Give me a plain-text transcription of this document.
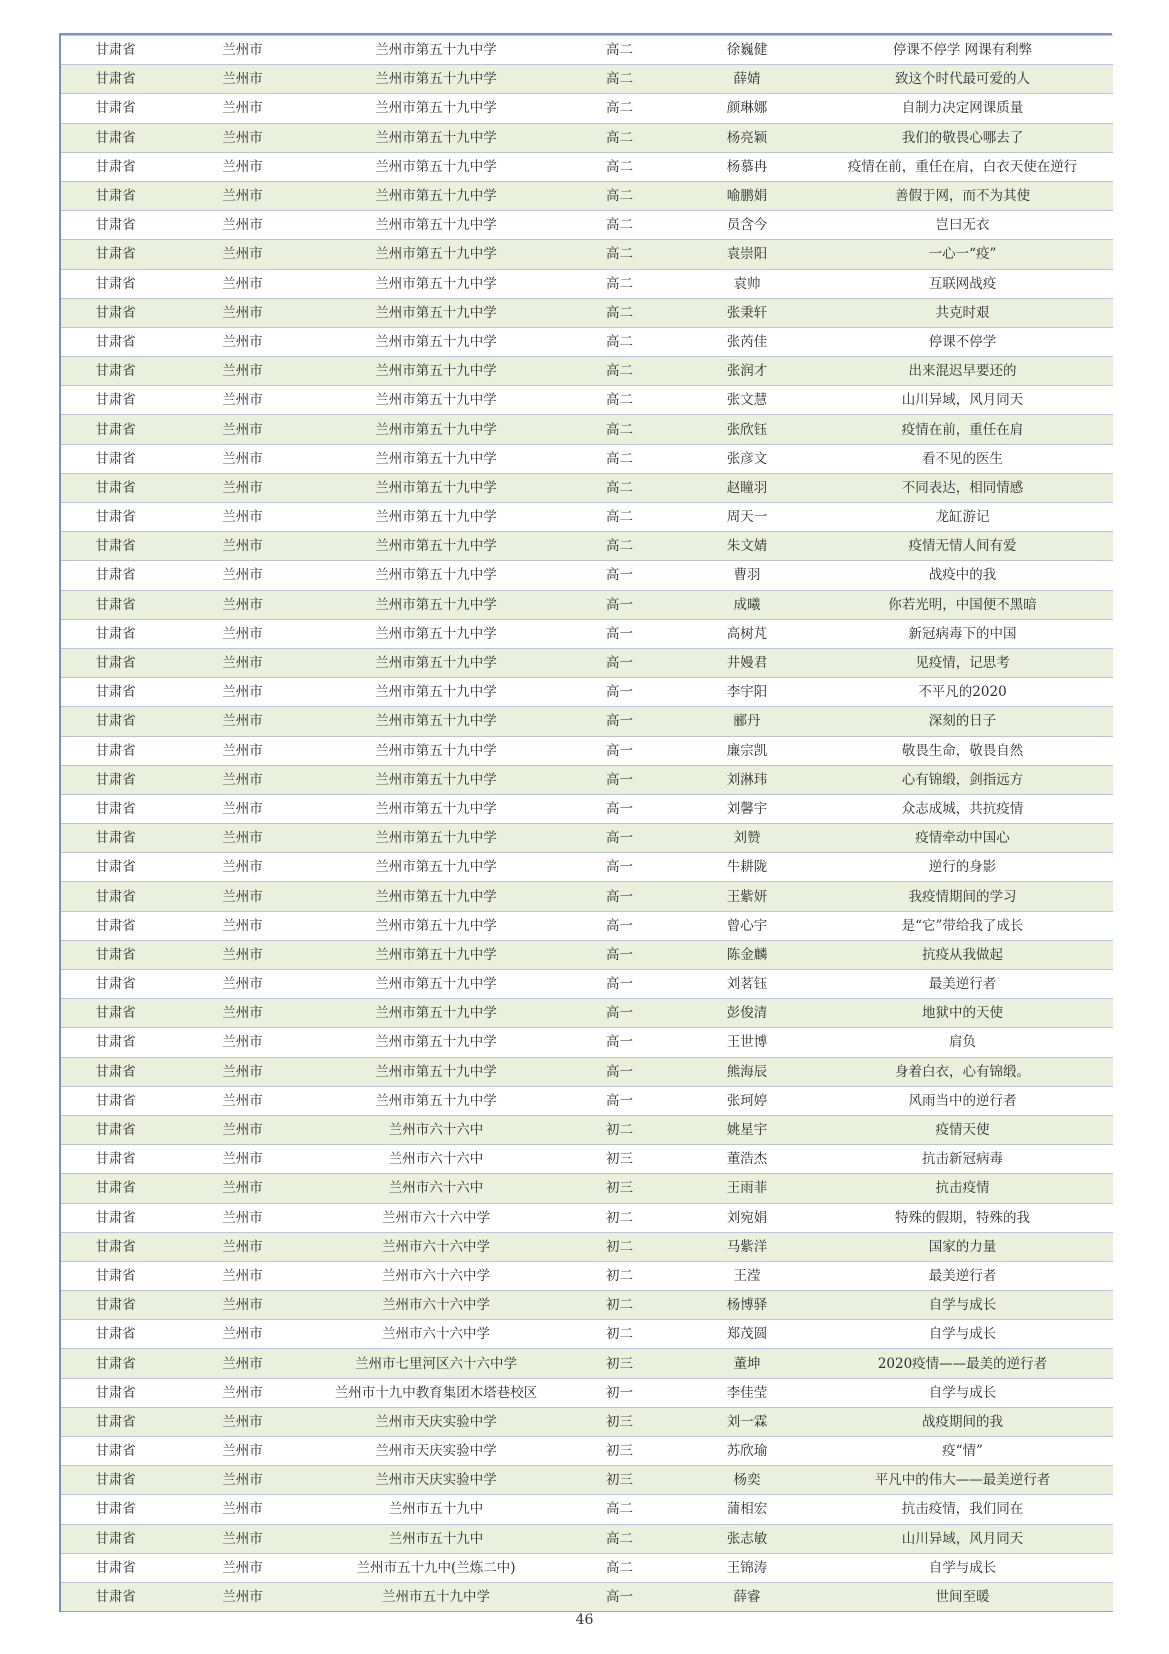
甘肃省	兰州市	兰州市第五十九中学	高二	徐巍健	停课不停学 网课有利弊
甘肃省	兰州市	兰州市第五十九中学	高二	薛婧	致这个时代最可爱的人
甘肃省	兰州市	兰州市第五十九中学	高二	颜琳娜	自制力决定网课质量
甘肃省	兰州市	兰州市第五十九中学	高二	杨亮颖	我们的敬畏心哪去了
甘肃省	兰州市	兰州市第五十九中学	高二	杨慕冉	疫情在前，重任在肩，白衣天使在逆行
甘肃省	兰州市	兰州市第五十九中学	高二	喻鹏娟	善假于网，而不为其使
甘肃省	兰州市	兰州市第五十九中学	高二	员含今	岂曰无衣
甘肃省	兰州市	兰州市第五十九中学	高二	袁崇阳	一心一“疫”
甘肃省	兰州市	兰州市第五十九中学	高二	袁帅	互联网战疫
甘肃省	兰州市	兰州市第五十九中学	高二	张秉轩	共克时艰
甘肃省	兰州市	兰州市第五十九中学	高二	张芮佳	停课不停学
甘肃省	兰州市	兰州市第五十九中学	高二	张润才	出来混迟早要还的
甘肃省	兰州市	兰州市第五十九中学	高二	张文慧	山川异域，风月同天
甘肃省	兰州市	兰州市第五十九中学	高二	张欣钰	疫情在前，重任在肩
甘肃省	兰州市	兰州市第五十九中学	高二	张彦文	看不见的医生
甘肃省	兰州市	兰州市第五十九中学	高二	赵瞳羽	不同表达，相同情感
甘肃省	兰州市	兰州市第五十九中学	高二	周天一	龙缸游记
甘肃省	兰州市	兰州市第五十九中学	高二	朱文婧	疫情无情人间有爱
甘肃省	兰州市	兰州市第五十九中学	高一	曹羽	战疫中的我
甘肃省	兰州市	兰州市第五十九中学	高一	成曦	你若光明，中国便不黑暗
甘肃省	兰州市	兰州市第五十九中学	高一	高树芃	新冠病毒下的中国
甘肃省	兰州市	兰州市第五十九中学	高一	井嫚君	见疫情，记思考
甘肃省	兰州市	兰州市第五十九中学	高一	李宇阳	不平凡的2020
甘肃省	兰州市	兰州市第五十九中学	高一	郦丹	深刻的日子
甘肃省	兰州市	兰州市第五十九中学	高一	廉宗凯	敬畏生命，敬畏自然
甘肃省	兰州市	兰州市第五十九中学	高一	刘淋玮	心有锦缎，剑指远方
甘肃省	兰州市	兰州市第五十九中学	高一	刘馨宇	众志成城，共抗疫情
甘肃省	兰州市	兰州市第五十九中学	高一	刘赞	疫情牵动中国心
甘肃省	兰州市	兰州市第五十九中学	高一	牛耕陇	逆行的身影
甘肃省	兰州市	兰州市第五十九中学	高一	王紫妍	我疫情期间的学习
甘肃省	兰州市	兰州市第五十九中学	高一	曾心宇	是“它”带给我了成长
甘肃省	兰州市	兰州市第五十九中学	高一	陈金麟	抗疫从我做起
甘肃省	兰州市	兰州市第五十九中学	高一	刘茗钰	最美逆行者
甘肃省	兰州市	兰州市第五十九中学	高一	彭俊清	地狱中的天使
甘肃省	兰州市	兰州市第五十九中学	高一	王世博	肩负
甘肃省	兰州市	兰州市第五十九中学	高一	熊海辰	身着白衣，心有锦缎。
甘肃省	兰州市	兰州市第五十九中学	高一	张珂婷	风雨当中的逆行者
甘肃省	兰州市	兰州市六十六中	初二	姚星宇	疫情天使
甘肃省	兰州市	兰州市六十六中	初三	董浩杰	抗击新冠病毒
甘肃省	兰州市	兰州市六十六中	初三	王雨菲	抗击疫情
甘肃省	兰州市	兰州市六十六中学	初二	刘宛娟	特殊的假期，特殊的我
甘肃省	兰州市	兰州市六十六中学	初二	马紫洋	国家的力量
甘肃省	兰州市	兰州市六十六中学	初二	王滢	最美逆行者
甘肃省	兰州市	兰州市六十六中学	初二	杨博驿	自学与成长
甘肃省	兰州市	兰州市六十六中学	初二	郑茂圆	自学与成长
甘肃省	兰州市	兰州市七里河区六十六中学	初三	董坤	2020疫情——最美的逆行者
甘肃省	兰州市	兰州市十九中教育集团木塔巷校区	初一	李佳莹	自学与成长
甘肃省	兰州市	兰州市天庆实验中学	初三	刘一霖	战疫期间的我
甘肃省	兰州市	兰州市天庆实验中学	初三	苏欣瑜	疫“情”
甘肃省	兰州市	兰州市天庆实验中学	初三	杨奕	平凡中的伟大——最美逆行者
甘肃省	兰州市	兰州市五十九中	高二	蒲相宏	抗击疫情，我们同在
甘肃省	兰州市	兰州市五十九中	高二	张志敏	山川异域，风月同天
甘肃省	兰州市	兰州市五十九中(兰炼二中)	高二	王锦涛	自学与成长
甘肃省	兰州市	兰州市五十九中学	高一	薛睿	世间至暖
46
